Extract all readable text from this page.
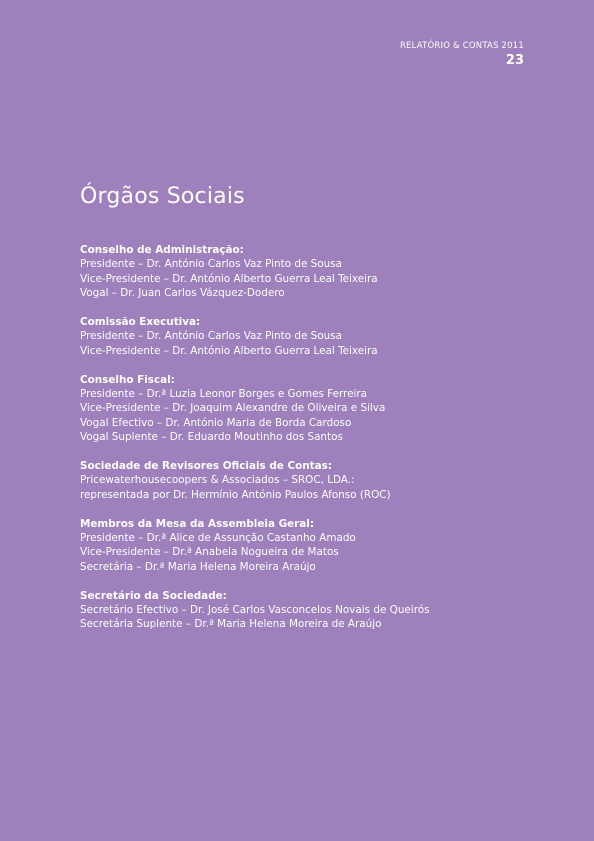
RELATÓRIO & CONTAS 2011
23
Órgãos Sociais
Conselho de Administração:
Presidente – Dr. António Carlos Vaz Pinto de Sousa
Vice-Presidente – Dr. António Alberto Guerra Leal Teixeira
Vogal – Dr. Juan Carlos Vázquez-Dodero
Comissão Executiva:
Presidente – Dr. António Carlos Vaz Pinto de Sousa
Vice-Presidente – Dr. António Alberto Guerra Leal Teixeira
Conselho Fiscal:
Presidente – Dr.ª Luzia Leonor Borges e Gomes Ferreira
Vice-Presidente – Dr. Joaquim Alexandre de Oliveira e Silva
Vogal Efectivo – Dr. António Maria de Borda Cardoso
Vogal Suplente – Dr. Eduardo Moutinho dos Santos
Sociedade de Revisores Oficiais de Contas:
Pricewaterhousecoopers & Associados – SROC, LDA.:
representada por Dr. Hermínio António Paulos Afonso (ROC)
Membros da Mesa da Assembleia Geral:
Presidente – Dr.ª Alice de Assunção Castanho Amado
Vice-Presidente – Dr.ª Anabela Nogueira de Matos
Secretária – Dr.ª Maria Helena Moreira Araújo
Secretário da Sociedade:
Secretário Efectivo – Dr. José Carlos Vasconcelos Novais de Queirós
Secretária Suplente – Dr.ª Maria Helena Moreira de Araújo
